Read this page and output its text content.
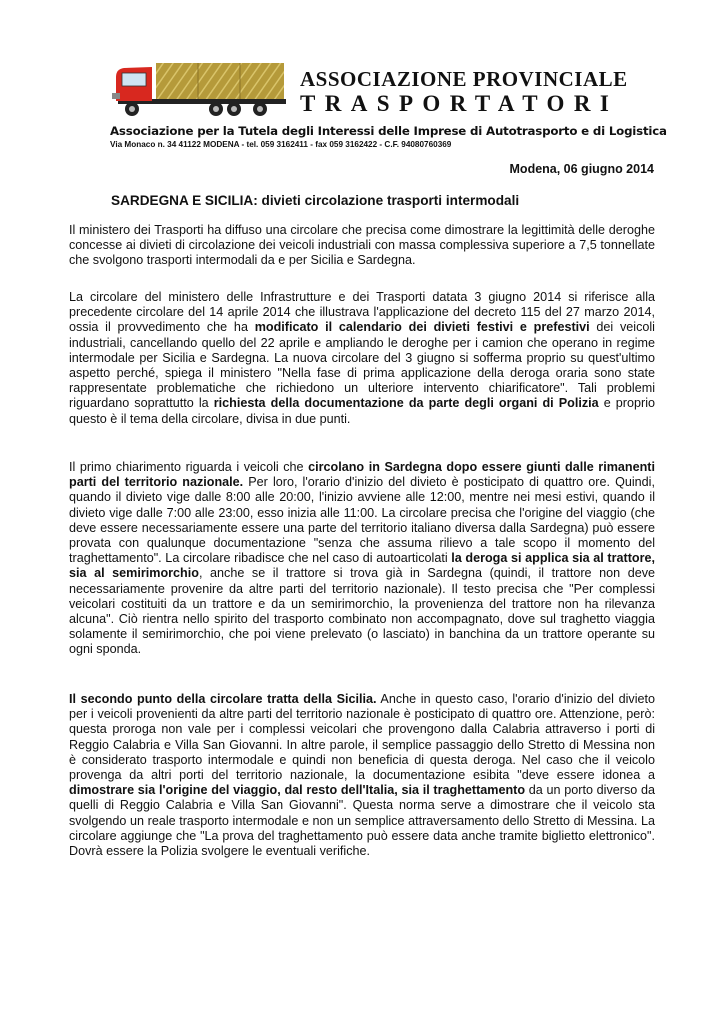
ASSOCIAZIONE PROVINCIALE
TRASPORTATORI
Associazione per la Tutela degli Interessi delle Imprese di Autotrasporto e di Logistica
Via Monaco n. 34 41122 MODENA - tel. 059 3162411 - fax 059 3162422 - C.F. 94080760369
Modena, 06 giugno 2014
SARDEGNA E SICILIA: divieti circolazione trasporti intermodali

Il ministero dei Trasporti ha diffuso una circolare che precisa come dimostrare la legittimità delle deroghe concesse ai divieti di circolazione dei veicoli industriali con massa complessiva superiore a 7,5 tonnellate che svolgono trasporti intermodali da e per Sicilia e Sardegna.

La circolare del ministero delle Infrastrutture e dei Trasporti datata 3 giugno 2014 si riferisce alla precedente circolare del 14 aprile 2014 che illustrava l'applicazione del decreto 115 del 27 marzo 2014, ossia il provvedimento che ha modificato il calendario dei divieti festivi e prefestivi dei veicoli industriali, cancellando quello del 22 aprile e ampliando le deroghe per i camion che operano in regime intermodale per Sicilia e Sardegna. La nuova circolare del 3 giugno si sofferma proprio su quest'ultimo aspetto perché, spiega il ministero "Nella fase di prima applicazione della deroga oraria sono state rappresentate problematiche che richiedono un ulteriore intervento chiarificatore". Tali problemi riguardano soprattutto la richiesta della documentazione da parte degli organi di Polizia e proprio questo è il tema della circolare, divisa in due punti.

Il primo chiarimento riguarda i veicoli che circolano in Sardegna dopo essere giunti dalle rimanenti parti del territorio nazionale. Per loro, l'orario d'inizio del divieto è posticipato di quattro ore. Quindi, quando il divieto vige dalle 8:00 alle 20:00, l'inizio avviene alle 12:00, mentre nei mesi estivi, quando il divieto vige dalle 7:00 alle 23:00, esso inizia alle 11:00. La circolare precisa che l'origine del viaggio (che deve essere necessariamente essere una parte del territorio italiano diversa dalla Sardegna) può essere provata con qualunque documentazione "senza che assuma rilievo a tale scopo il momento del traghettamento". La circolare ribadisce che nel caso di autoarticolati la deroga si applica sia al trattore, sia al semirimorchio, anche se il trattore si trova già in Sardegna (quindi, il trattore non deve necessariamente provenire da altre parti del territorio nazionale). Il testo precisa che "Per complessi veicolari costituiti da un trattore e da un semirimorchio, la provenienza del trattore non ha rilevanza alcuna". Ciò rientra nello spirito del trasporto combinato non accompagnato, dove sul traghetto viaggia solamente il semirimorchio, che poi viene prelevato (o lasciato) in banchina da un trattore operante su ogni sponda.

Il secondo punto della circolare tratta della Sicilia. Anche in questo caso, l'orario d'inizio del divieto per i veicoli provenienti da altre parti del territorio nazionale è posticipato di quattro ore. Attenzione, però: questa proroga non vale per i complessi veicolari che provengono dalla Calabria attraverso i porti di Reggio Calabria e Villa San Giovanni. In altre parole, il semplice passaggio dello Stretto di Messina non è considerato trasporto intermodale e quindi non beneficia di questa deroga. Nel caso che il veicolo provenga da altri porti del territorio nazionale, la documentazione esibita "deve essere idonea a dimostrare sia l'origine del viaggio, dal resto dell'Italia, sia il traghettamento da un porto diverso da quelli di Reggio Calabria e Villa San Giovanni". Questa norma serve a dimostrare che il veicolo sta svolgendo un reale trasporto intermodale e non un semplice attraversamento dello Stretto di Messina. La circolare aggiunge che "La prova del traghettamento può essere data anche tramite biglietto elettronico". Dovrà essere la Polizia svolgere le eventuali verifiche.
